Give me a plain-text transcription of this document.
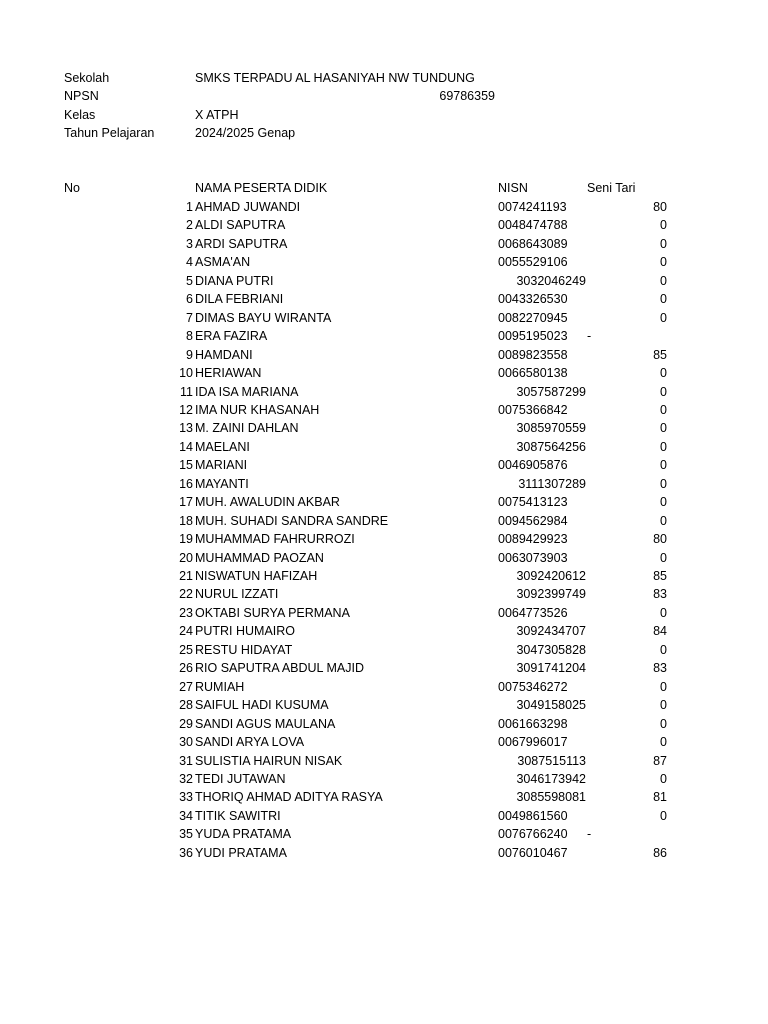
Sekolah	SMKS TERPADU AL HASANIYAH NW TUNDUNG
NPSN	69786359
Kelas	X ATPH
Tahun Pelajaran	2024/2025 Genap
No	NAMA PESERTA DIDIK	NISN	Seni Tari
1 AHMAD JUWANDI	0074241193	80
2 ALDI SAPUTRA	0048474788	0
3 ARDI SAPUTRA	0068643089	0
4 ASMA'AN	0055529106	0
5 DIANA PUTRI	3032046249	0
6 DILA FEBRIANI	0043326530	0
7 DIMAS BAYU WIRANTA	0082270945	0
8 ERA FAZIRA	0095195023	-
9 HAMDANI	0089823558	85
10 HERIAWAN	0066580138	0
11 IDA ISA MARIANA	3057587299	0
12 IMA NUR KHASANAH	0075366842	0
13 M. ZAINI DAHLAN	3085970559	0
14 MAELANI	3087564256	0
15 MARIANI	0046905876	0
16 MAYANTI	3111307289	0
17 MUH. AWALUDIN AKBAR	0075413123	0
18 MUH. SUHADI SANDRA SANDRE	0094562984	0
19 MUHAMMAD FAHRURROZI	0089429923	80
20 MUHAMMAD PAOZAN	0063073903	0
21 NISWATUN HAFIZAH	3092420612	85
22 NURUL IZZATI	3092399749	83
23 OKTABI SURYA PERMANA	0064773526	0
24 PUTRI HUMAIRO	3092434707	84
25 RESTU HIDAYAT	3047305828	0
26 RIO SAPUTRA ABDUL MAJID	3091741204	83
27 RUMIAH	0075346272	0
28 SAIFUL HADI KUSUMA	3049158025	0
29 SANDI AGUS MAULANA	0061663298	0
30 SANDI ARYA LOVA	0067996017	0
31 SULISTIA HAIRUN NISAK	3087515113	87
32 TEDI JUTAWAN	3046173942	0
33 THORIQ AHMAD ADITYA RASYA	3085598081	81
34 TITIK SAWITRI	0049861560	0
35 YUDA PRATAMA	0076766240	-
36 YUDI PRATAMA	0076010467	86
